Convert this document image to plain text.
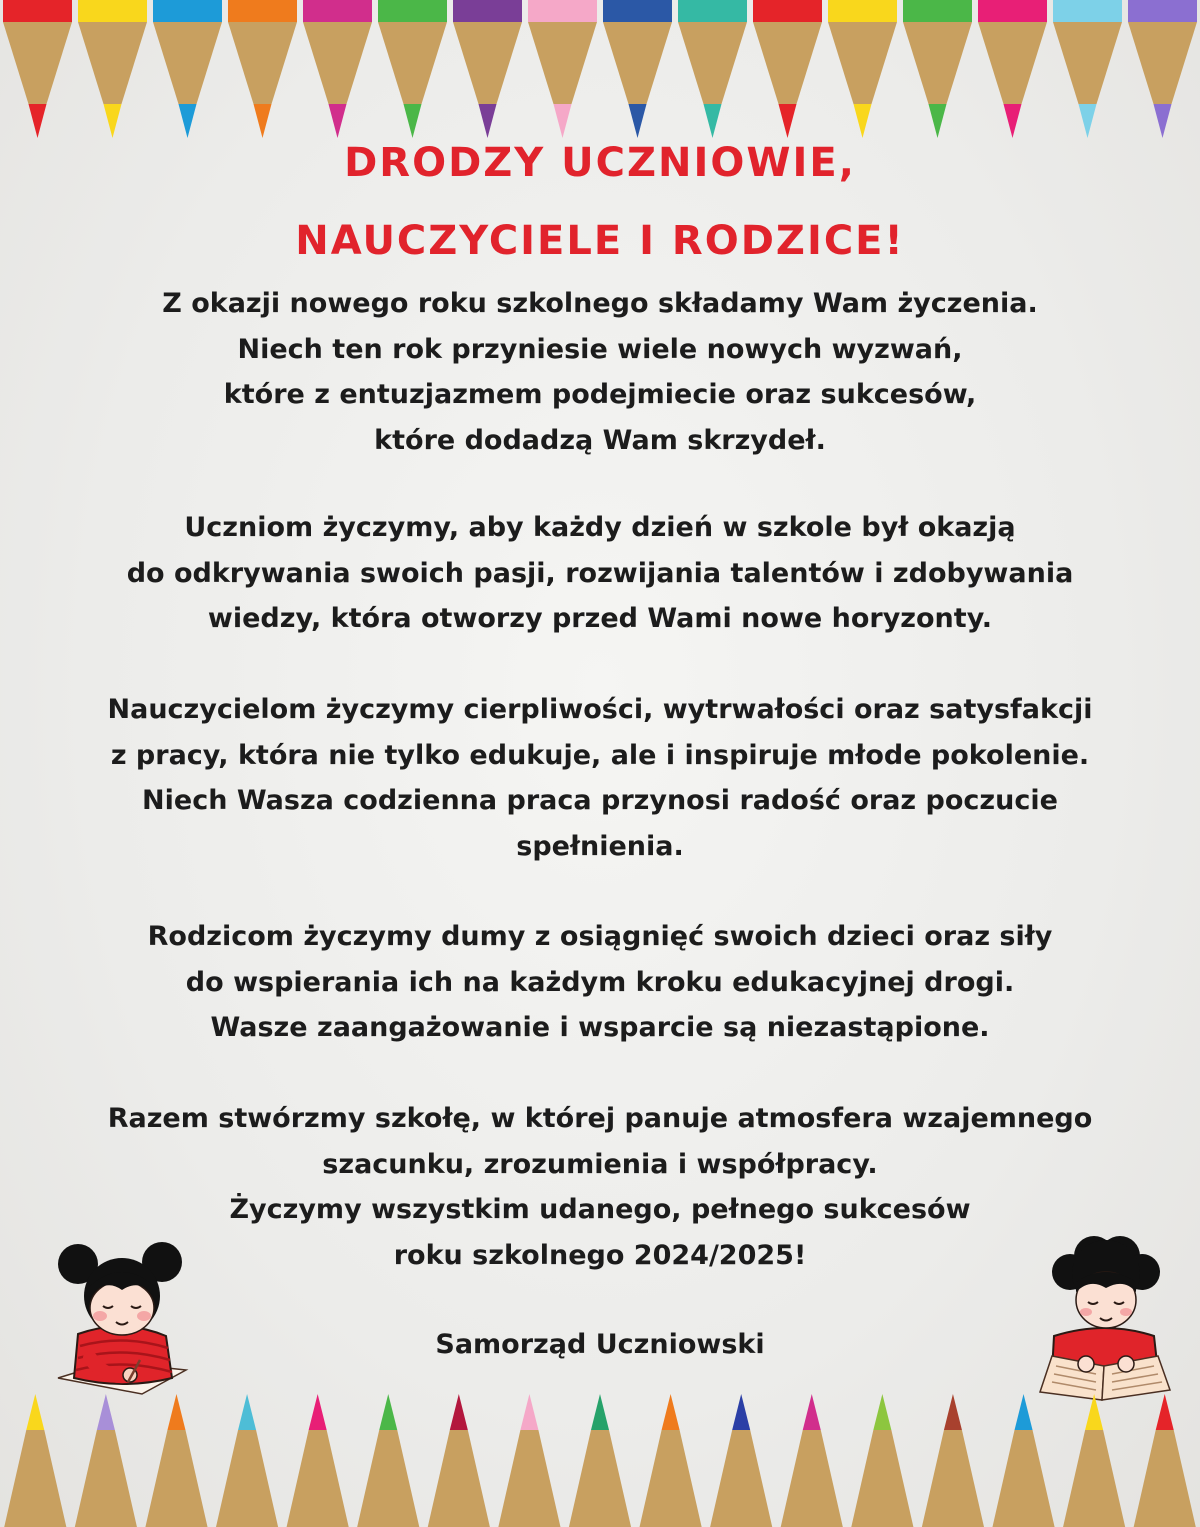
DRODZY UCZNIOWIE,
NAUCZYCIELE I RODZICE!
Z okazji nowego roku szkolnego składamy Wam życzenia.
Niech ten rok przyniesie wiele nowych wyzwań,
które z entuzjazmem podejmiecie oraz sukcesów,
które dodadzą Wam skrzydeł.
Uczniom życzymy, aby każdy dzień w szkole był okazją
do odkrywania swoich pasji, rozwijania talentów i zdobywania
wiedzy, która otworzy przed Wami nowe horyzonty.
Nauczycielom życzymy cierpliwości, wytrwałości oraz satysfakcji
z pracy, która nie tylko edukuje, ale i inspiruje młode pokolenie.
Niech Wasza codzienna praca przynosi radość oraz poczucie
spełnienia.
Rodzicom życzymy dumy z osiągnięć swoich dzieci oraz siły
do wspierania ich na każdym kroku edukacyjnej drogi.
Wasze zaangażowanie i wsparcie są niezastąpione.
Razem stwórzmy szkołę, w której panuje atmosfera wzajemnego
szacunku, zrozumienia i współpracy.
Życzymy wszystkim udanego, pełnego sukcesów
roku szkolnego 2024/2025!
Samorząd Uczniowski
